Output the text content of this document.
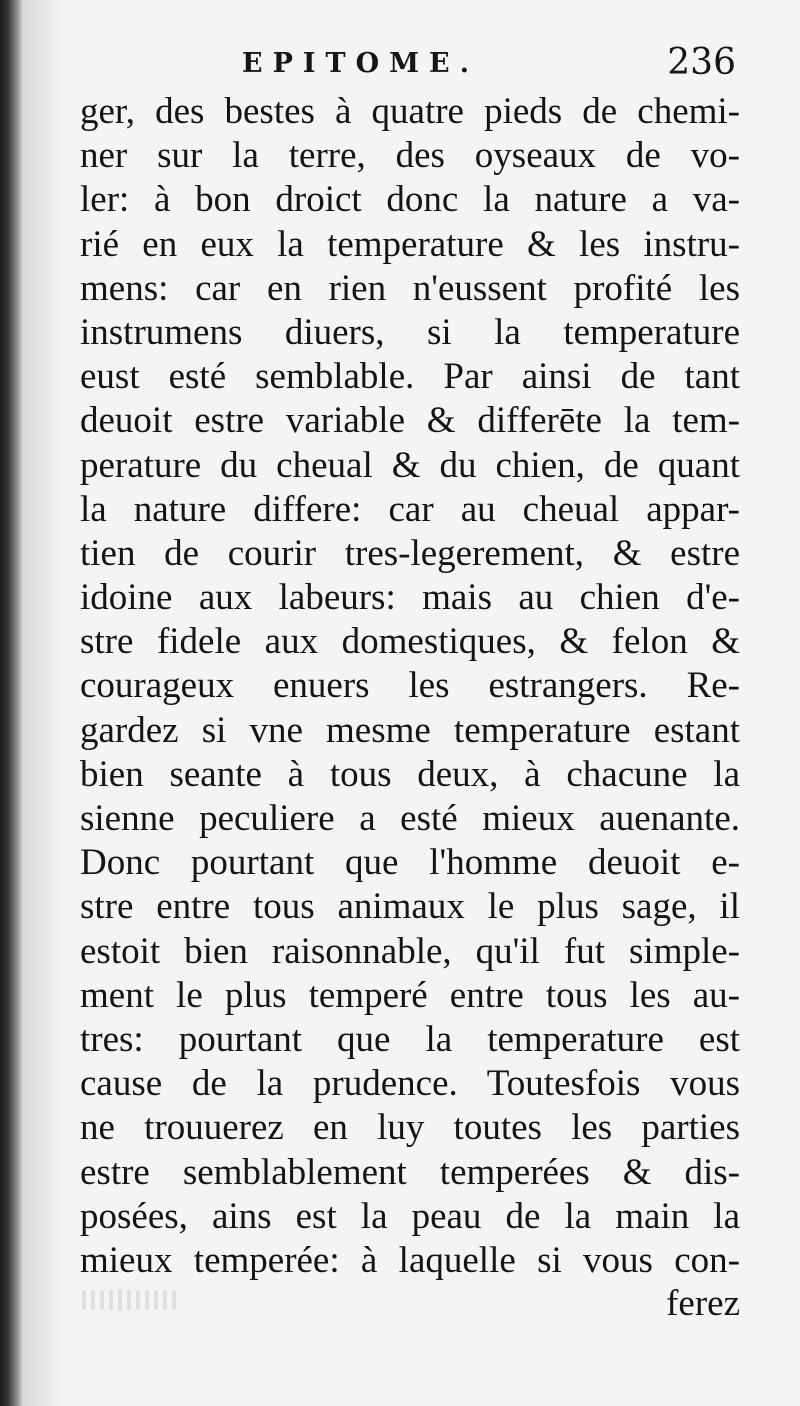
EPITOME.	236
ger, des bestes à quatre pieds de chemi-
ner sur la terre, des oyseaux de vo-
ler: à bon droict donc la nature a va-
rié en eux la temperature & les instru-
mens: car en rien n'eussent profité les
instrumens diuers, si la temperature
eust esté semblable. Par ainsi de tant
deuoit estre variable & differēte la tem-
perature du cheual & du chien, de quant
la nature differe: car au cheual appar-
tien de courir tres-legerement, & estre
idoine aux labeurs: mais au chien d'e-
stre fidele aux domestiques, & felon &
courageux enuers les estrangers. Re-
gardez si vne mesme temperature estant
bien seante à tous deux, à chacune la
sienne peculiere a esté mieux auenante.
Donc pourtant que l'homme deuoit e-
stre entre tous animaux le plus sage, il
estoit bien raisonnable, qu'il fut simple-
ment le plus temperé entre tous les au-
tres: pourtant que la temperature est
cause de la prudence. Toutesfois vous
ne trouuerez en luy toutes les parties
estre semblablement temperées & dis-
posées, ains est la peau de la main la
mieux temperée: à laquelle si vous con-
ferez
